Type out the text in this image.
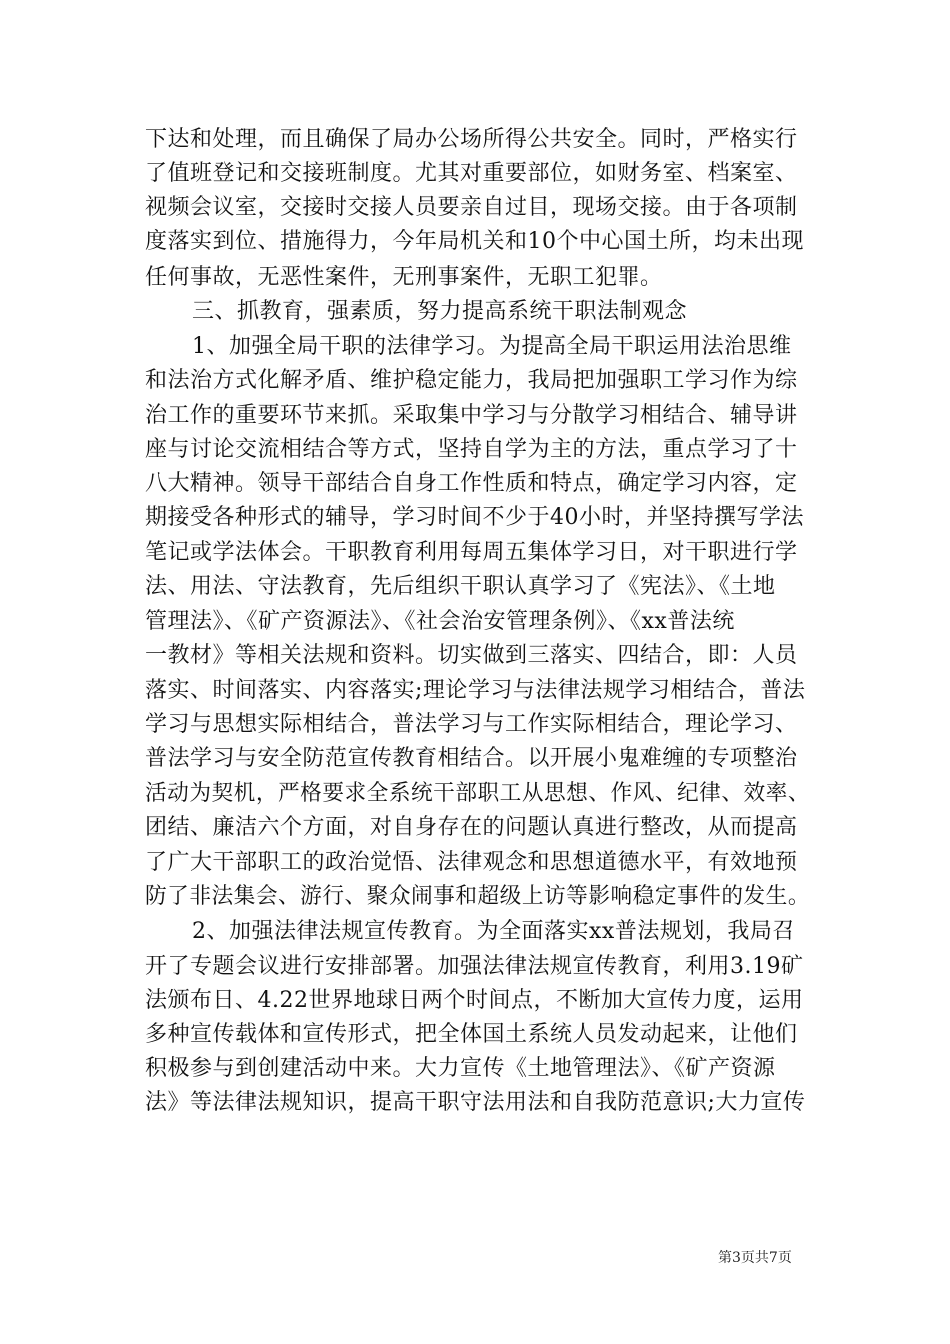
下达和处理，而且确保了局办公场所得公共安全。同时，严格实行
了值班登记和交接班制度。尤其对重要部位，如财务室、档案室、
视频会议室，交接时交接人员要亲自过目，现场交接。由于各项制
度落实到位、措施得力，今年局机关和10个中心国土所，均未出现
任何事故，无恶性案件，无刑事案件，无职工犯罪。
三、抓教育，强素质，努力提高系统干职法制观念
1、加强全局干职的法律学习。为提高全局干职运用法治思维
和法治方式化解矛盾、维护稳定能力，我局把加强职工学习作为综
治工作的重要环节来抓。采取集中学习与分散学习相结合、辅导讲
座与讨论交流相结合等方式，坚持自学为主的方法，重点学习了十
八大精神。领导干部结合自身工作性质和特点，确定学习内容，定
期接受各种形式的辅导，学习时间不少于40小时，并坚持撰写学法
笔记或学法体会。干职教育利用每周五集体学习日，对干职进行学
法、用法、守法教育，先后组织干职认真学习了《宪法》、《土地
管理法》、《矿产资源法》、《社会治安管理条例》、《xx普法统
一教材》等相关法规和资料。切实做到三落实、四结合，即：人员
落实、时间落实、内容落实;理论学习与法律法规学习相结合，普法
学习与思想实际相结合，普法学习与工作实际相结合，理论学习、
普法学习与安全防范宣传教育相结合。以开展小鬼难缠的专项整治
活动为契机，严格要求全系统干部职工从思想、作风、纪律、效率、
团结、廉洁六个方面，对自身存在的问题认真进行整改，从而提高
了广大干部职工的政治觉悟、法律观念和思想道德水平，有效地预
防了非法集会、游行、聚众闹事和超级上访等影响稳定事件的发生。
2、加强法律法规宣传教育。为全面落实xx普法规划，我局召
开了专题会议进行安排部署。加强法律法规宣传教育，利用3.19矿
法颁布日、4.22世界地球日两个时间点，不断加大宣传力度，运用
多种宣传载体和宣传形式，把全体国土系统人员发动起来，让他们
积极参与到创建活动中来。大力宣传《土地管理法》、《矿产资源
法》等法律法规知识，提高干职守法用法和自我防范意识;大力宣传
第3页共7页
